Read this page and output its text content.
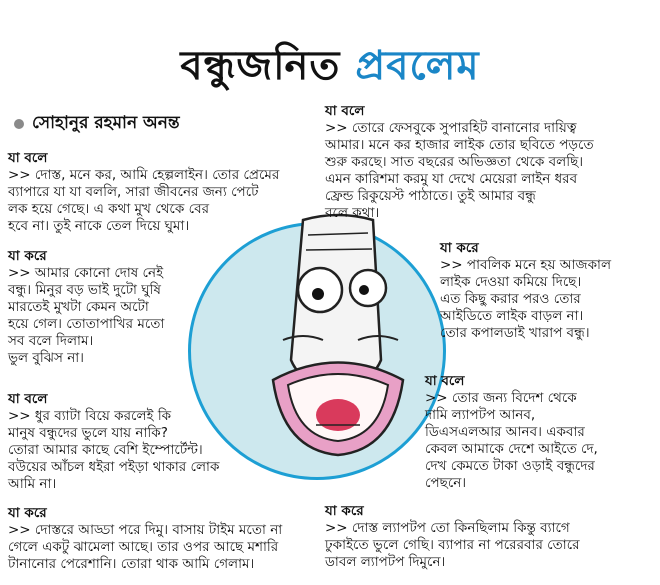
বন্ধুজনিত প্রবলেম
সোহানুর রহমান অনন্ত
যা বলে
>> দোস্ত, মনে কর, আমি হেল্পলাইন। তোর প্রেমের
ব্যাপারে যা যা বললি, সারা জীবনের জন্য পেটে
লক হয়ে গেছে। এ কথা মুখ থেকে বের
হবে না। তুই নাকে তেল দিয়ে ঘুমা।
যা করে
>> আমার কোনো দোষ নেই
বন্ধু। মিনুর বড় ভাই দুটো ঘুষি
মারতেই মুখটা কেমন অটো
হয়ে গেল। তোতাপাখির মতো
সব বলে দিলাম।
ভুল বুঝিস না।
যা বলে
>> ধুর ব্যাটা বিয়ে করলেই কি
মানুষ বন্ধুদের ভুলে যায় নাকি?
তোরা আমার কাছে বেশি ইম্পোর্টেন্ট।
বউয়ের আঁচল ধইরা পইড়া থাকার লোক
আমি না।
যা করে
>> দোস্তরে আড্ডা পরে দিমু। বাসায় টাইম মতো না
গেলে একটু ঝামেলা আছে। তার ওপর আছে মশারি
টানানোর পেরেশানি। তোরা থাক আমি গেলাম।
যা বলে
>> তোরে ফেসবুকে সুপারহিট বানানোর দায়িত্ব
আমার। মনে কর হাজার লাইক তোর ছবিতে পড়তে
শুরু করছে। সাত বছরের অভিজ্ঞতা থেকে বলছি।
এমন কারিশমা করমু যা দেখে মেয়েরা লাইন ধরব
ফ্রেন্ড রিকুয়েস্ট পাঠাতে। তুই আমার বন্ধু
বলে কথা।
যা করে
>> পাবলিক মনে হয় আজকাল
লাইক দেওয়া কমিয়ে দিছে।
এত কিছু করার পরও তোর
আইডিতে লাইক বাড়ল না।
তোর কপালডাই খারাপ বন্ধু।
যা বলে
>> তোর জন্য বিদেশ থেকে
দামি ল্যাপটপ আনব,
ডিএসএলআর আনব। একবার
কেবল আমাকে দেশে আইতে দে,
দেখ কেমতে টাকা ওড়াই বন্ধুদের
পেছনে।
যা করে
>> দোস্ত ল্যাপটপ তো কিনছিলাম কিন্তু ব্যাগে
ঢুকাইতে ভুলে গেছি। ব্যাপার না পরেরবার তোরে
ডাবল ল্যাপটপ দিমুনে।
